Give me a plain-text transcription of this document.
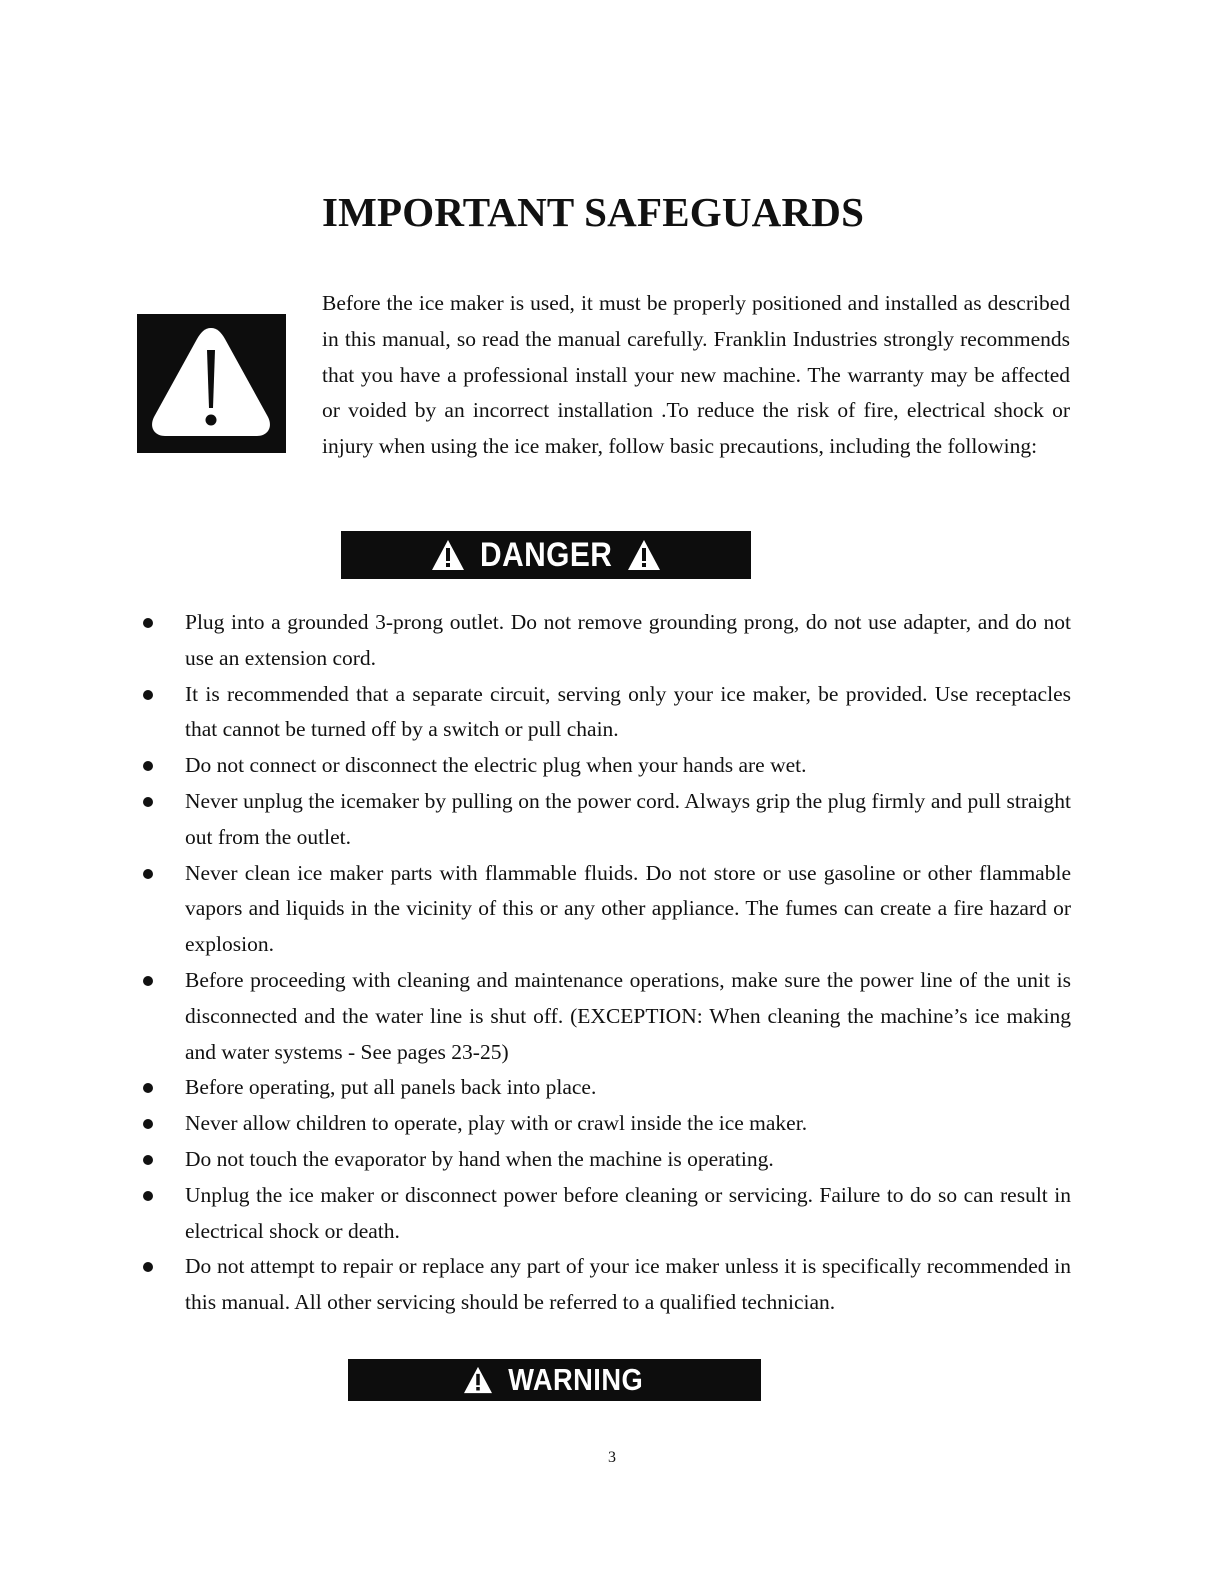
IMPORTANT SAFEGUARDS

Before the ice maker is used, it must be properly positioned and installed as described in this manual, so read the manual carefully. Franklin Industries strongly recommends that you have a professional install your new machine. The warranty may be affected or voided by an incorrect installation .To reduce the risk of fire, electrical shock or injury when using the ice maker, follow basic precautions, including the following:

DANGER
Plug into a grounded 3-prong outlet. Do not remove grounding prong, do not use adapter, and do not use an extension cord.
It is recommended that a separate circuit, serving only your ice maker, be provided. Use receptacles that cannot be turned off by a switch or pull chain.
Do not connect or disconnect the electric plug when your hands are wet.
Never unplug the icemaker by pulling on the power cord. Always grip the plug firmly and pull straight out from the outlet.
Never clean ice maker parts with flammable fluids. Do not store or use gasoline or other flammable vapors and liquids in the vicinity of this or any other appliance. The fumes can create a fire hazard or explosion.
Before proceeding with cleaning and maintenance operations, make sure the power line of the unit is disconnected and the water line is shut off. (EXCEPTION: When cleaning the machine’s ice making and water systems - See pages 23-25)
Before operating, put all panels back into place.
Never allow children to operate, play with or crawl inside the ice maker.
Do not touch the evaporator by hand when the machine is operating.
Unplug the ice maker or disconnect power before cleaning or servicing. Failure to do so can result in electrical shock or death.
Do not attempt to repair or replace any part of your ice maker unless it is specifically recommended in this manual. All other servicing should be referred to a qualified technician.
WARNING
3
